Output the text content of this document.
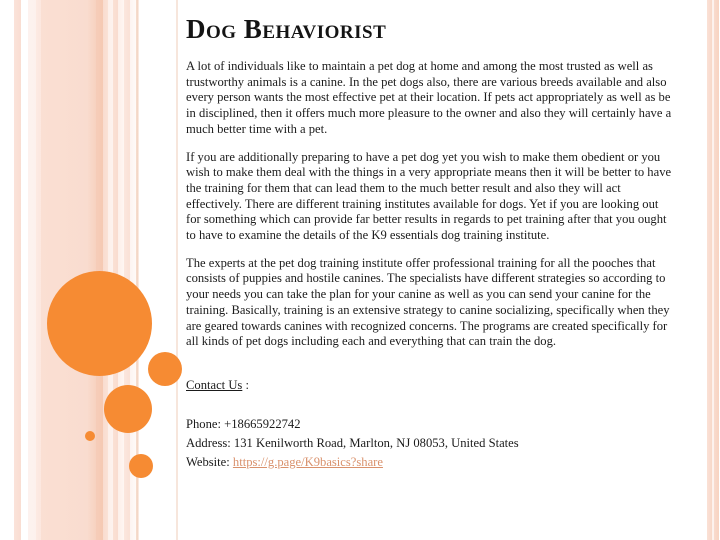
Dog Behaviorist

A lot of individuals like to maintain a pet dog at home and among the most trusted as well as trustworthy animals is a canine. In the pet dogs also, there are various breeds available and also every person wants the most effective pet at their location. If pets act appropriately as well as be in disciplined, then it offers much more pleasure to the owner and also they will certainly have a much better time with a pet.

If you are additionally preparing to have a pet dog yet you wish to make them obedient or you wish to make them deal with the things in a very appropriate means then it will be better to have the training for them that can lead them to the much better result and also they will act effectively. There are different training institutes available for dogs. Yet if you are looking out for something which can provide far better results in regards to pet training after that you ought to have to examine the details of the K9 essentials dog training institute.

The experts at the pet dog training institute offer professional training for all the pooches that consists of puppies and hostile canines. The specialists have different strategies so according to your needs you can take the plan for your canine as well as you can send your canine for the training. Basically, training is an extensive strategy to canine socializing, specifically when they are geared towards canines with recognized concerns. The programs are created specifically for all kinds of pet dogs including each and everything that can train the dog.

Contact Us :
Phone: +18665922742
Address: 131 Kenilworth Road, Marlton, NJ 08053, United States
Website: https://g.page/K9basics?share
